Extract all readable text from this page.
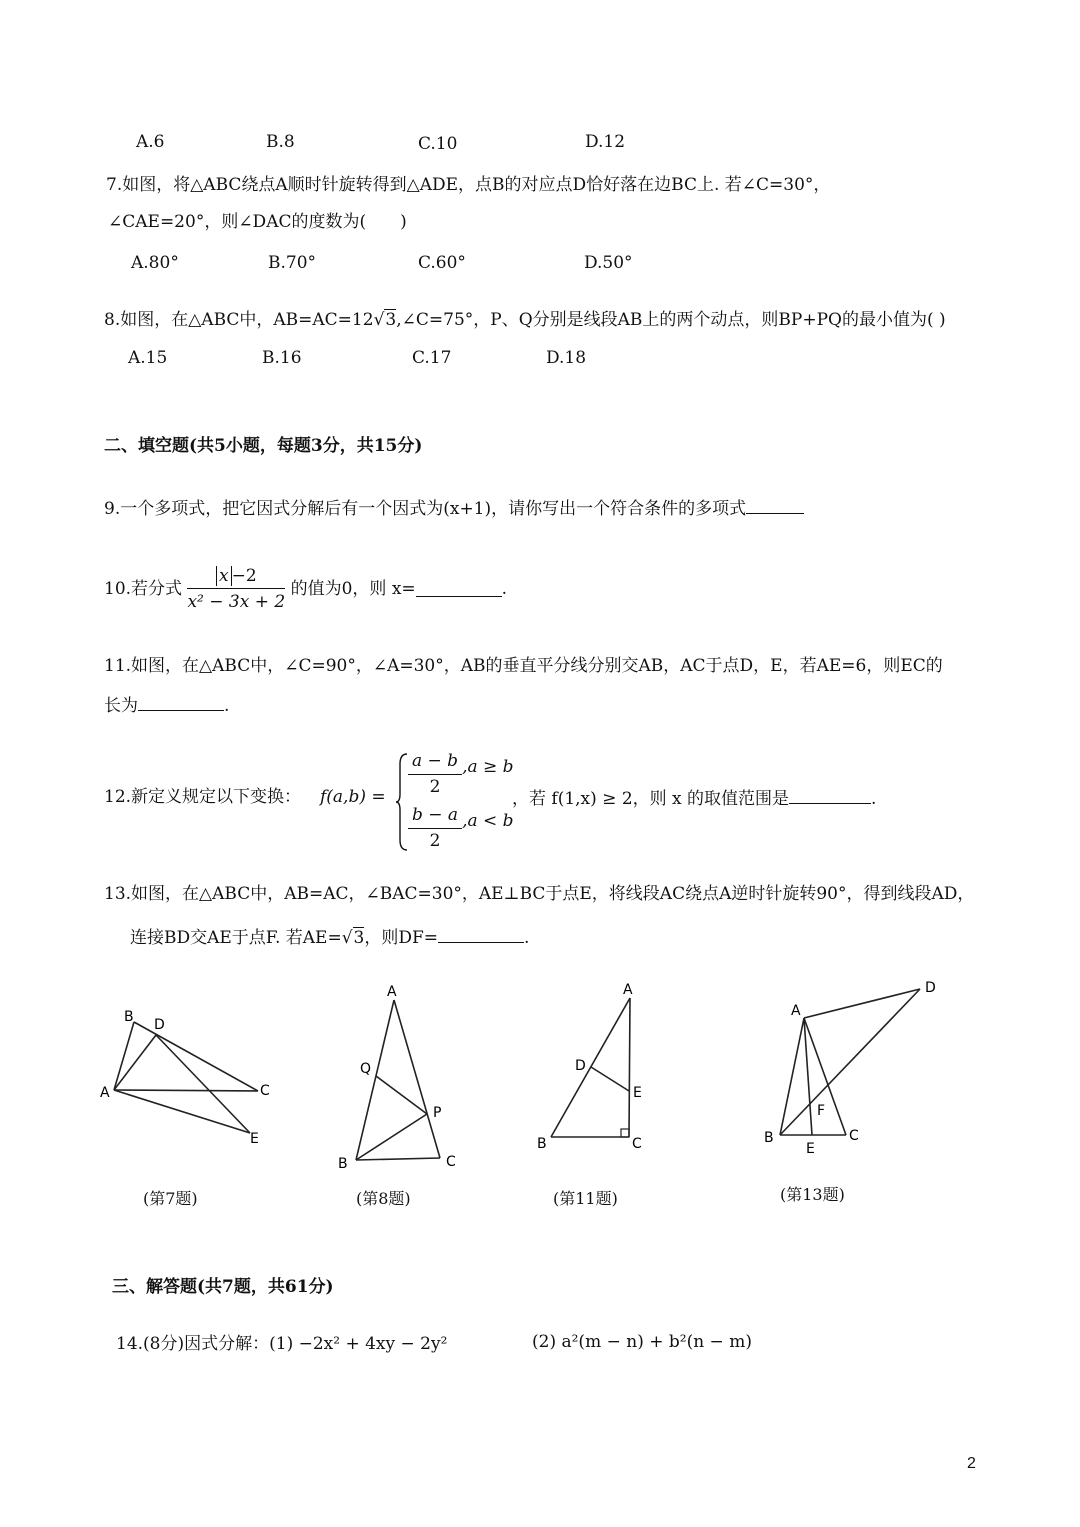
A.6	B.8	C.10	D.12
7.如图，将△ABC绕点A顺时针旋转得到△ADE，点B的对应点D恰好落在边BC上. 若∠C=30°，
∠CAE=20°，则∠DAC的度数为(　　)
A.80°	B.70°	C.60°	D.50°
8.如图，在△ABC中，AB=AC=12√3,∠C=75°，P、Q分别是线段AB上的两个动点，则BP+PQ的最小值为( )
A.15	B.16	C.17	D.18
二、填空题(共5小题，每题3分，共15分)
9.一个多项式，把它因式分解后有一个因式为(x+1)，请你写出一个符合条件的多项式
10.若分式 $\frac{x -2}{\text{x² − 3x + 2}}$ 的值为0，则 x=	.
11.如图，在△ABC中，∠C=90°，∠A=30°，AB的垂直平分线分别交AB，AC于点D，E，若AE=6，则EC的
长为	.
12.新定义规定以下变换： $f(a,b) = \frac{a - b}{2} ,a \ge b$
$\frac{b - a}{2} ,a < b$
，若 f(1,x) ≥ 2，则 x 的取值范围是	.
13.如图，在△ABC中，AB=AC，∠BAC=30°，AE⊥BC于点E，将线段AC绕点A逆时针旋转90°，得到线段AD，
连接BD交AE于点F. 若AE=√3，则DF=	.
B D
A	C
E
(第7题)
A
Q
P
B	C
(第8题)
A
D
E
B	C
(第11题)
D
A
F
B
E
C
(第13题)
三、解答题(共7题，共61分)
14.(8分)因式分解：(1) −2x² + 4xy − 2y²	(2) a²(m − n) + b²(n − m)
2
